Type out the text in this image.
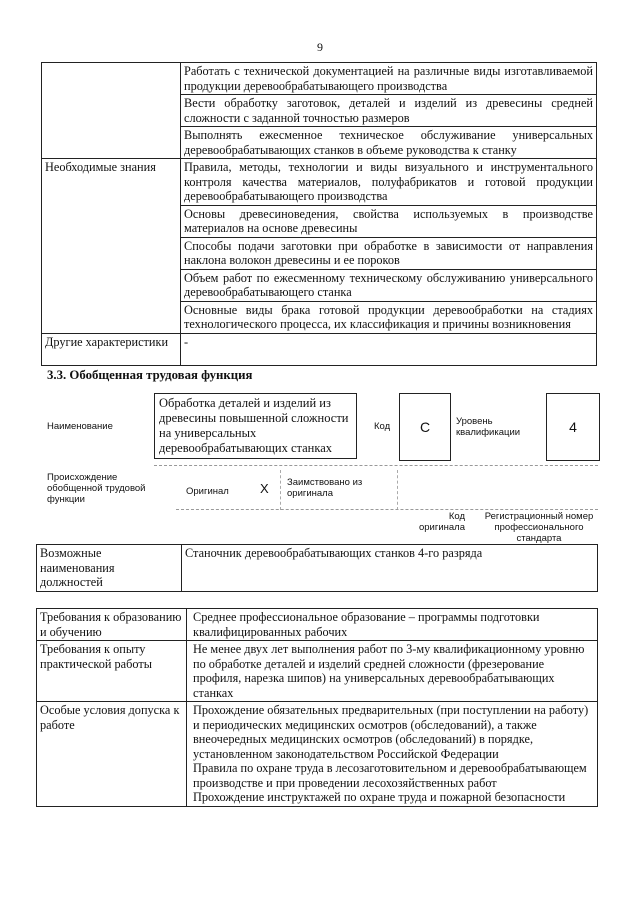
9
	Работать с технической документацией на различные виды изготавливаемой продукции деревообрабатывающего производства
	Вести обработку заготовок, деталей и изделий из древесины средней сложности с заданной точностью размеров
	Выполнять ежесменное техническое обслуживание универсальных деревообрабатывающих станков в объеме руководства к станку
Необходимые знания	Правила, методы, технологии и виды визуального и инструментального контроля качества материалов, полуфабрикатов и готовой продукции деревообрабатывающего производства
	Основы древесиноведения, свойства используемых в производстве материалов на основе древесины
	Способы подачи заготовки при обработке в зависимости от направления наклона волокон древесины и ее пороков
	Объем работ по ежесменному техническому обслуживанию универсального деревообрабатывающего станка
	Основные виды брака готовой продукции деревообработки на стадиях технологического процесса, их классификация и причины возникновения
Другие характеристики	-
3.3. Обобщенная трудовая функция
Наименование
Обработка деталей и изделий из древесины повышенной сложности на универсальных деревообрабатывающих станках
Код	C	Уровень квалификации	4
Происхождение обобщенной трудовой функции
Оригинал X Заимствовано из оригинала
Код оригинала
Регистрационный номер профессионального стандарта
Возможные наименования должностей	Станочник деревообрабатывающих станков 4-го разряда
Требования к образованию и обучению	Среднее профессиональное образование – программы подготовки квалифицированных рабочих
Требования к опыту практической работы	Не менее двух лет выполнения работ по 3-му квалификационному уровню по обработке деталей и изделий средней сложности (фрезерование профиля, нарезка шипов) на универсальных деревообрабатывающих станках
Особые условия допуска к работе	Прохождение обязательных предварительных (при поступлении на работу) и периодических медицинских осмотров (обследований), а также внеочередных медицинских осмотров (обследований) в порядке, установленном законодательством Российской Федерации
Правила по охране труда в лесозаготовительном и деревообрабатывающем производстве и при проведении лесохозяйственных работ
Прохождение инструктажей по охране труда и пожарной безопасности
